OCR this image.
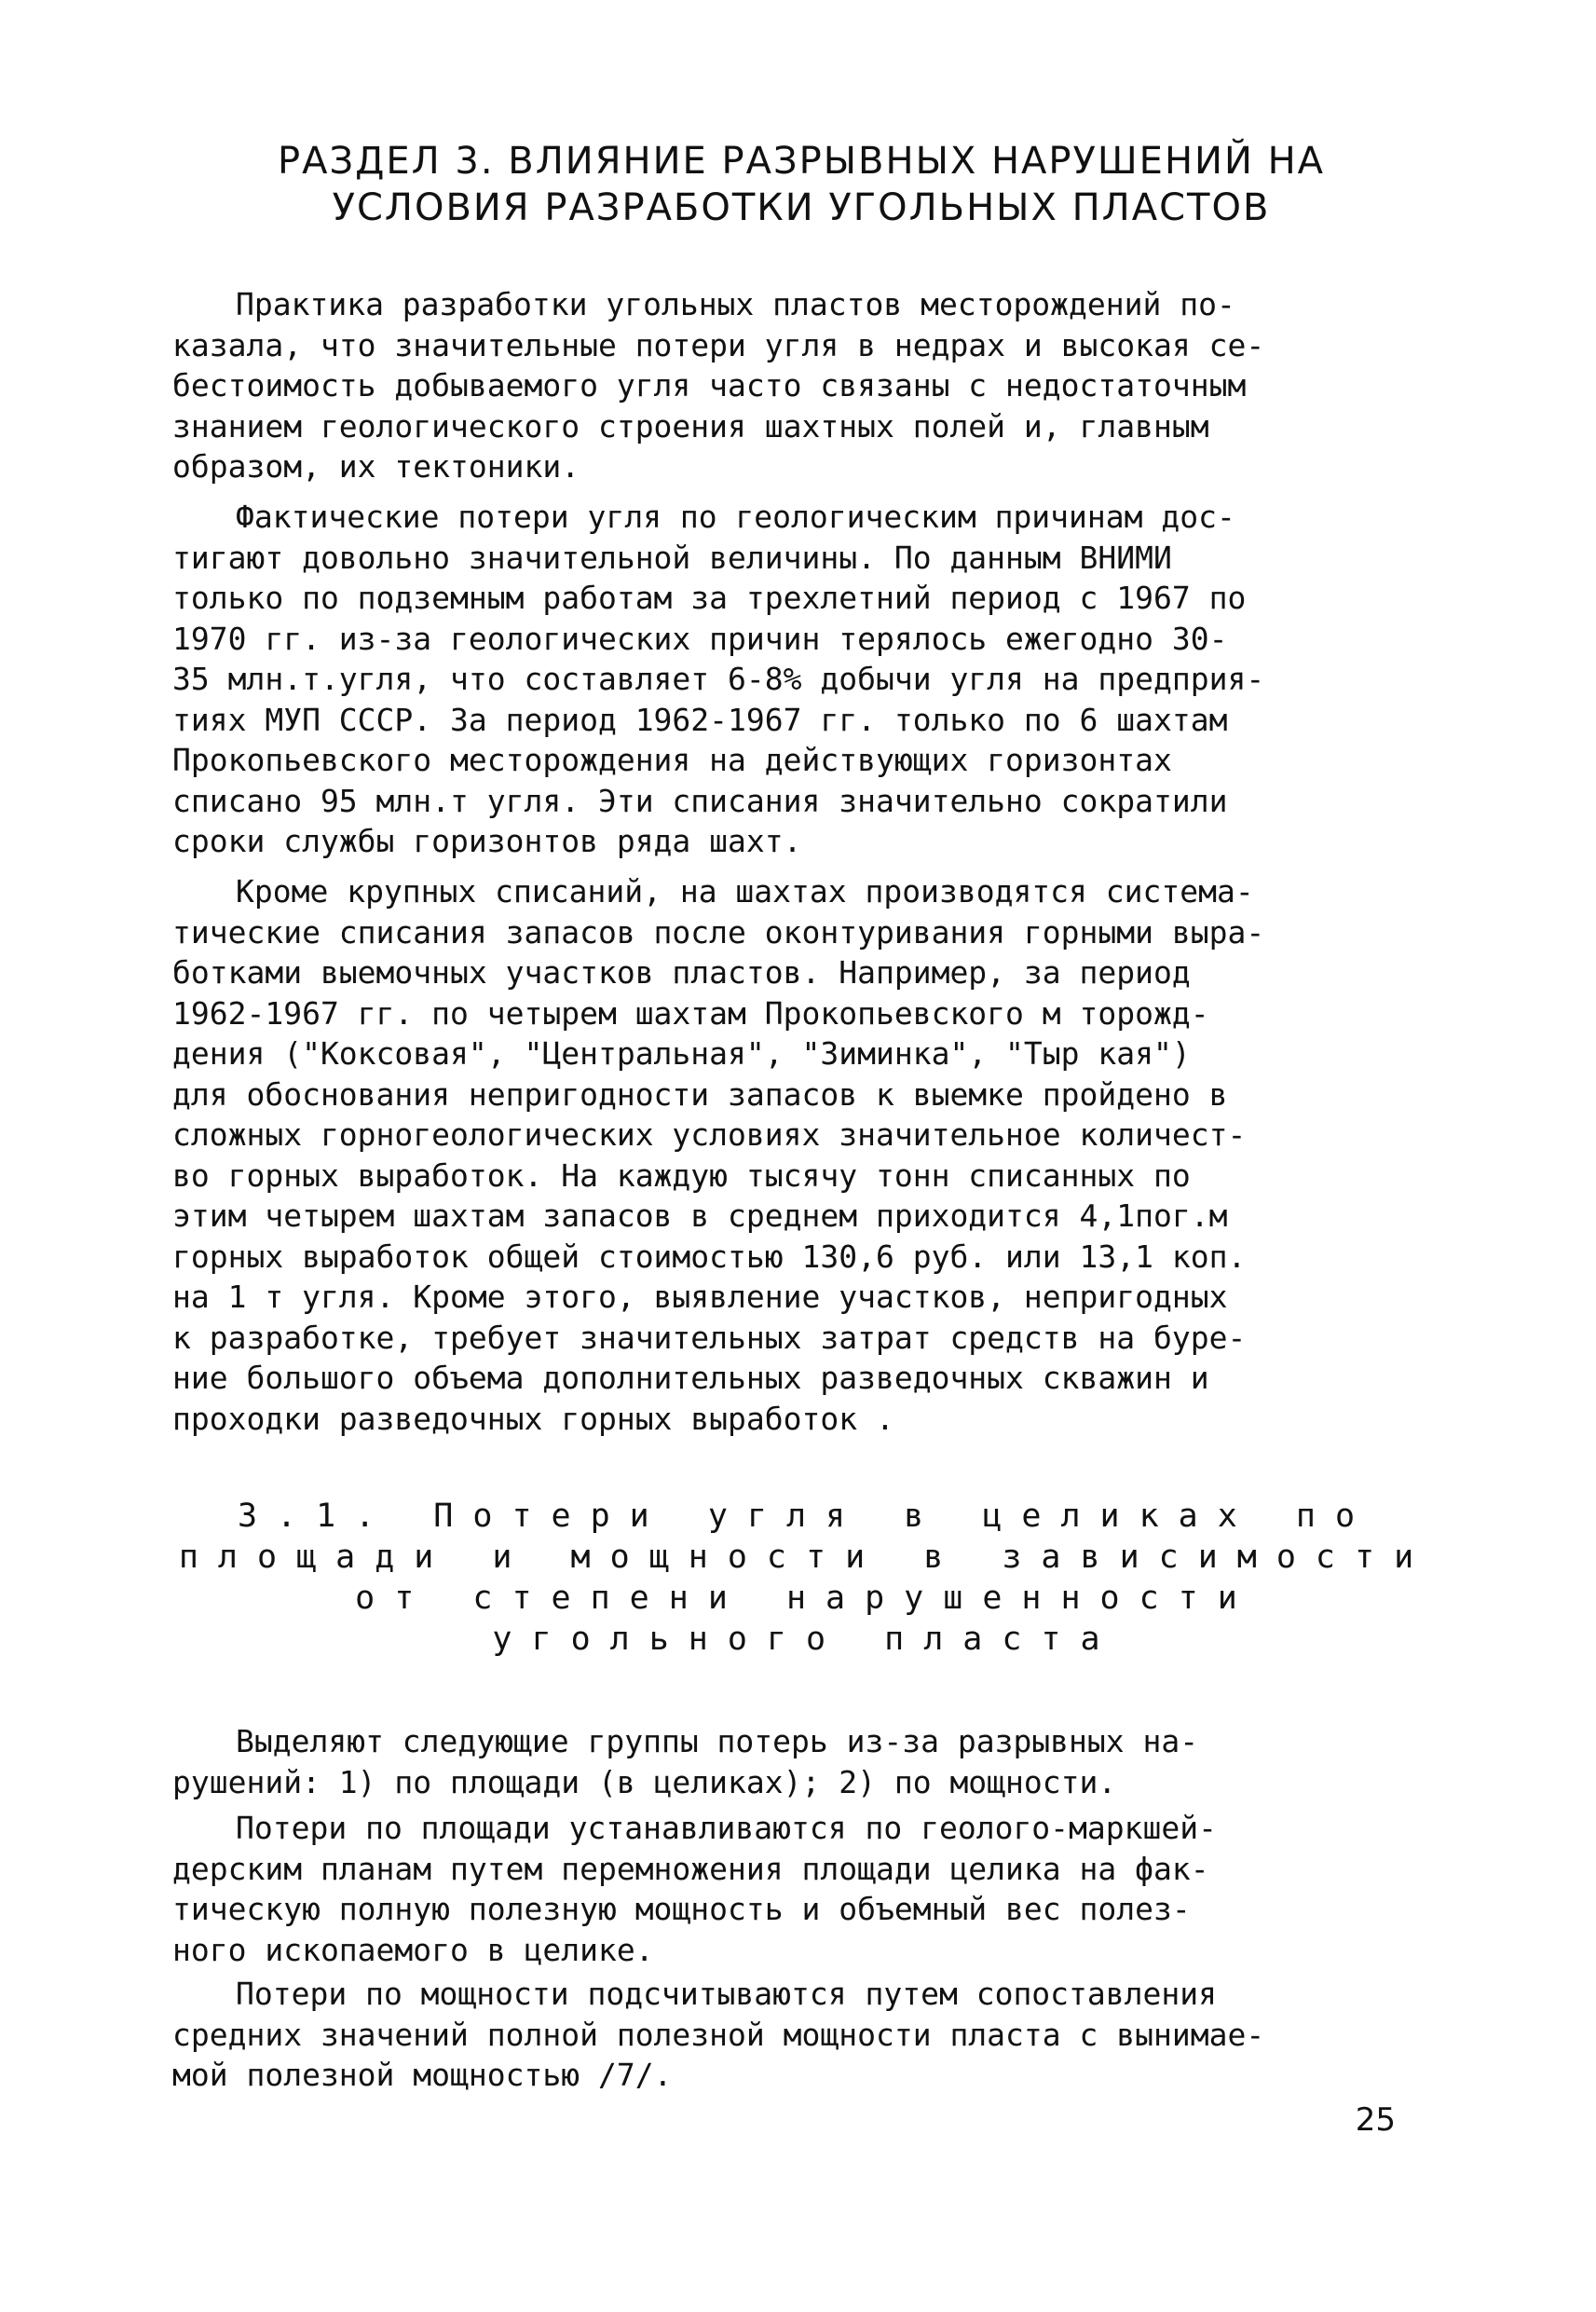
РАЗДЕЛ 3. ВЛИЯНИЕ РАЗРЫВНЫХ НАРУШЕНИЙ НА
УСЛОВИЯ РАЗРАБОТКИ УГОЛЬНЫХ ПЛАСТОВ
Практика разработки угольных пластов месторождений по-
казала, что значительные потери угля в недрах и высокая се-
бестоимость добываемого угля часто связаны с недостаточным
знанием геологического строения шахтных полей и, главным
образом, их тектоники.
Фактические потери угля по геологическим причинам дос-
тигают довольно значительной величины. По данным ВНИМИ
только по подземным работам за трехлетний период с 1967 по
1970 гг. из-за геологических причин терялось ежегодно 30-
35 млн.т.угля, что составляет 6-8% добычи угля на предприя-
тиях МУП СССР. За период 1962-1967 гг. только по 6 шахтам
Прокопьевского месторождения на действующих горизонтах
списано 95 млн.т угля. Эти списания значительно сократили
сроки службы горизонтов ряда шахт.
Кроме крупных списаний, на шахтах производятся система-
тические списания запасов после оконтуривания горными выра-
ботками выемочных участков пластов. Например, за период
1962-1967 гг. по четырем шахтам Прокопьевского м торожд-
дения ("Коксовая", "Центральная", "Зиминка", "Тыр кая")
для обоснования непригодности запасов к выемке пройдено в
сложных горногеологических условиях значительное количест-
во горных выработок. На каждую тысячу тонн списанных по
этим четырем шахтам запасов в среднем приходится 4,1пог.м
горных выработок общей стоимостью 130,6 руб. или 13,1 коп.
на 1 т угля. Кроме этого, выявление участков, непригодных
к разработке, требует значительных затрат средств на буре-
ние большого объема дополнительных разведочных скважин и
проходки разведочных горных выработок .
3.1. Потери угля в целиках по
площади и мощности в зависимости
от степени нарушенности
угольного пласта
Выделяют следующие группы потерь из-за разрывных на-
рушений: 1) по площади (в целиках); 2) по мощности.
Потери по площади устанавливаются по геолого-маркшей-
дерским планам путем перемножения площади целика на фак-
тическую полную полезную мощность и объемный вес полез-
ного ископаемого в целике.
Потери по мощности подсчитываются путем сопоставления
средних значений полной полезной мощности пласта с вынимае-
мой полезной мощностью /7/.
25
